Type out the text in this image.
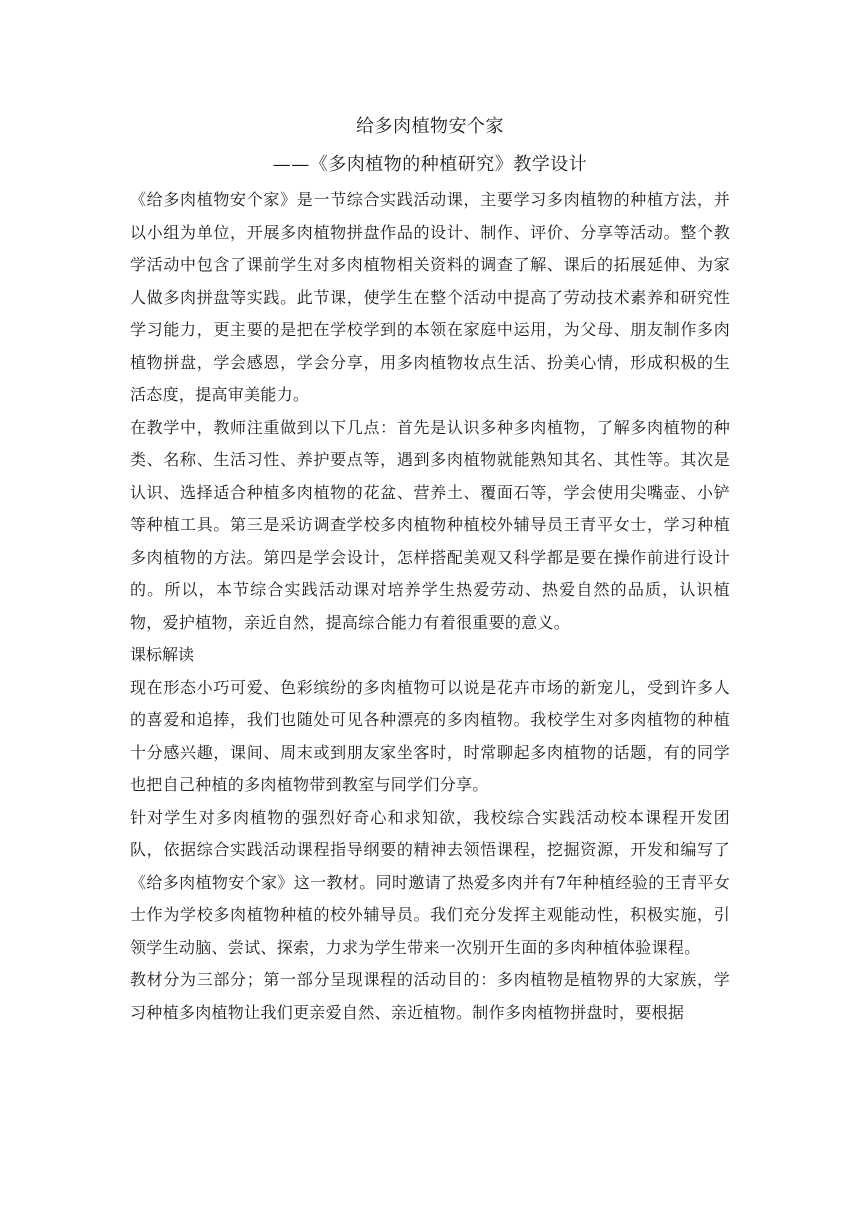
给多肉植物安个家

——《多肉植物的种植研究》教学设计

《给多肉植物安个家》是一节综合实践活动课，主要学习多肉植物的种植方法，并以小组为单位，开展多肉植物拼盘作品的设计、制作、评价、分享等活动。整个教学活动中包含了课前学生对多肉植物相关资料的调查了解、课后的拓展延伸、为家人做多肉拼盘等实践。此节课，使学生在整个活动中提高了劳动技术素养和研究性学习能力，更主要的是把在学校学到的本领在家庭中运用，为父母、朋友制作多肉植物拼盘，学会感恩，学会分享，用多肉植物妆点生活、扮美心情，形成积极的生活态度，提高审美能力。

在教学中，教师注重做到以下几点：首先是认识多种多肉植物，了解多肉植物的种类、名称、生活习性、养护要点等，遇到多肉植物就能熟知其名、其性等。其次是认识、选择适合种植多肉植物的花盆、营养土、覆面石等，学会使用尖嘴壶、小铲等种植工具。第三是采访调查学校多肉植物种植校外辅导员王青平女士，学习种植多肉植物的方法。第四是学会设计，怎样搭配美观又科学都是要在操作前进行设计的。所以，本节综合实践活动课对培养学生热爱劳动、热爱自然的品质，认识植物，爱护植物，亲近自然，提高综合能力有着很重要的意义。

课标解读

现在形态小巧可爱、色彩缤纷的多肉植物可以说是花卉市场的新宠儿，受到许多人的喜爱和追捧，我们也随处可见各种漂亮的多肉植物。我校学生对多肉植物的种植十分感兴趣，课间、周末或到朋友家坐客时，时常聊起多肉植物的话题，有的同学也把自己种植的多肉植物带到教室与同学们分享。

针对学生对多肉植物的强烈好奇心和求知欲，我校综合实践活动校本课程开发团队，依据综合实践活动课程指导纲要的精神去领悟课程，挖掘资源，开发和编写了《给多肉植物安个家》这一教材。同时邀请了热爱多肉并有7年种植经验的王青平女士作为学校多肉植物种植的校外辅导员。我们充分发挥主观能动性，积极实施，引领学生动脑、尝试、探索，力求为学生带来一次别开生面的多肉种植体验课程。

教材分为三部分；第一部分呈现课程的活动目的：多肉植物是植物界的大家族，学习种植多肉植物让我们更亲爱自然、亲近植物。制作多肉植物拼盘时，要根据
